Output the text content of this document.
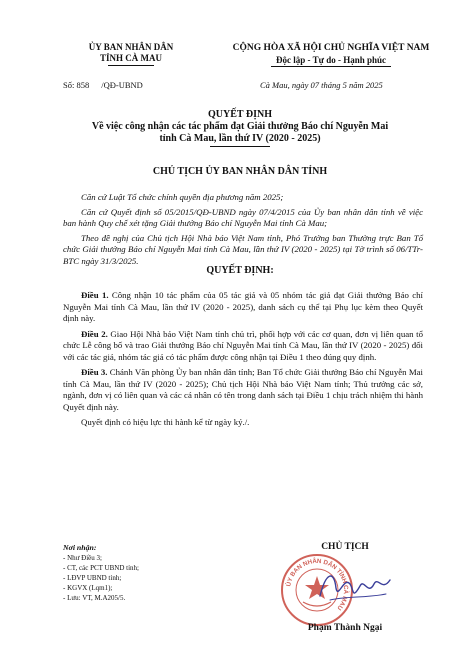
ỦY BAN NHÂN DÂN
TỈNH CÀ MAU
CỘNG HÒA XÃ HỘI CHỦ NGHĨA VIỆT NAM
Độc lập - Tự do - Hạnh phúc
Số: 858 /QĐ-UBND	Cà Mau, ngày 07 tháng 5 năm 2025
QUYẾT ĐỊNH
Về việc công nhận các tác phẩm đạt Giải thưởng Báo chí Nguyễn Mai
tỉnh Cà Mau, lần thứ IV (2020 - 2025)
CHỦ TỊCH ỦY BAN NHÂN DÂN TỈNH

Căn cứ Luật Tổ chức chính quyền địa phương năm 2025;

Căn cứ Quyết định số 05/2015/QĐ-UBND ngày 07/4/2015 của Ủy ban nhân dân tỉnh về việc ban hành Quy chế xét tặng Giải thưởng Báo chí Nguyễn Mai tỉnh Cà Mau;

Theo đề nghị của Chủ tịch Hội Nhà báo Việt Nam tỉnh, Phó Trưởng ban Thường trực Ban Tổ chức Giải thưởng Báo chí Nguyễn Mai tỉnh Cà Mau, lần thứ IV (2020 - 2025) tại Tờ trình số 06/TTr-BTC ngày 31/3/2025.

QUYẾT ĐỊNH:

Điều 1. Công nhận 10 tác phẩm của 05 tác giả và 05 nhóm tác giả đạt Giải thưởng Báo chí Nguyễn Mai tỉnh Cà Mau, lần thứ IV (2020 - 2025), danh sách cụ thể tại Phụ lục kèm theo Quyết định này.

Điều 2. Giao Hội Nhà báo Việt Nam tỉnh chủ trì, phối hợp với các cơ quan, đơn vị liên quan tổ chức Lễ công bố và trao Giải thưởng Báo chí Nguyễn Mai tỉnh Cà Mau, lần thứ IV (2020 - 2025) đối với các tác giả, nhóm tác giả có tác phẩm được công nhận tại Điều 1 theo đúng quy định.

Điều 3. Chánh Văn phòng Ủy ban nhân dân tỉnh; Ban Tổ chức Giải thưởng Báo chí Nguyễn Mai tỉnh Cà Mau, lần thứ IV (2020 - 2025); Chủ tịch Hội Nhà báo Việt Nam tỉnh; Thủ trưởng các sở, ngành, đơn vị có liên quan và các cá nhân có tên trong danh sách tại Điều 1 chịu trách nhiệm thi hành Quyết định này.

Quyết định có hiệu lực thi hành kể từ ngày ký./.

Nơi nhận:
- Như Điều 3;
- CT, các PCT UBND tỉnh;
- LĐVP UBND tỉnh;
- KGVX (Lqm1);
- Lưu: VT, M.A205/5.
CHỦ TỊCH
ỦY BAN NHÂN DÂN TỈNH CÀ MAU
Phạm Thành Ngại
